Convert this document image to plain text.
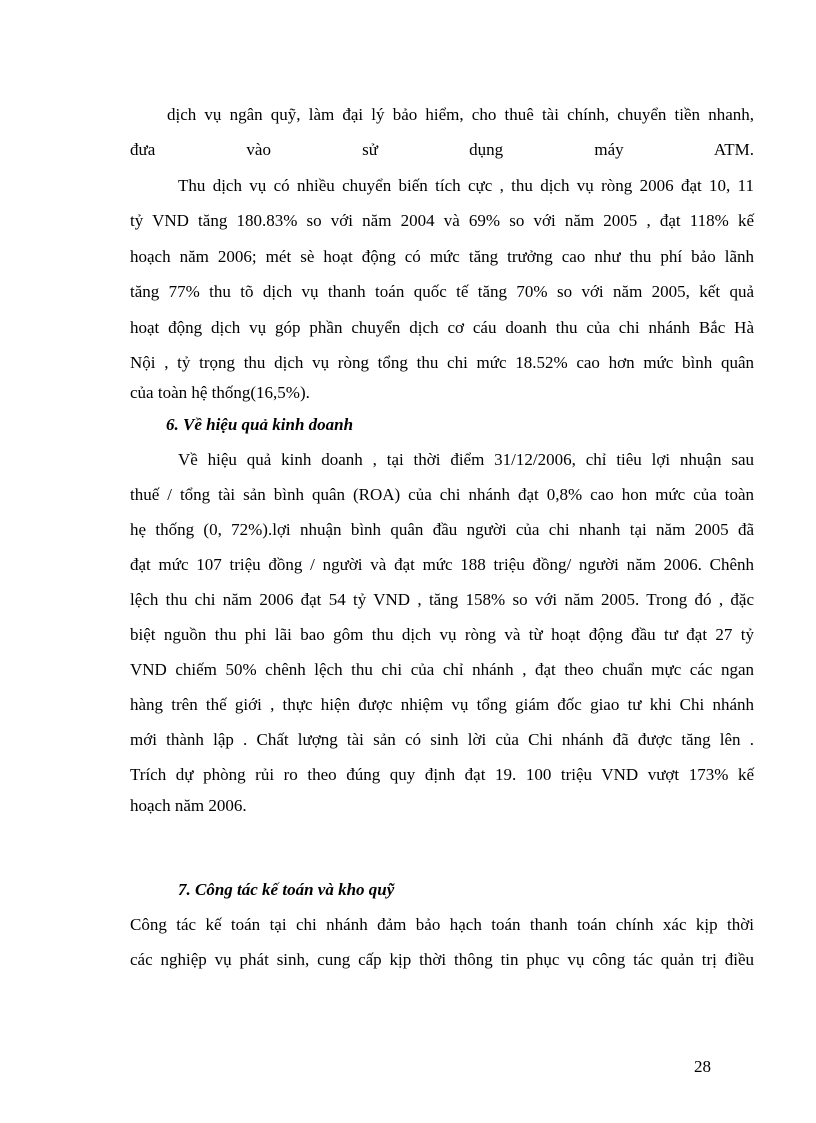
dịch vụ ngân quỹ, làm đại lý bảo hiểm, cho thuê tài chính, chuyển tiền nhanh,
đưa vào sử dụng máy ATM.
Thu dịch vụ có nhiều chuyển biến tích cực , thu dịch vụ ròng 2006 đạt 10, 11
tỷ VND tăng 180.83% so với năm 2004 và 69% so với năm 2005 , đạt 118% kế
hoạch năm 2006; mét sè hoạt động có mức tăng trưởng cao như thu phí bảo lãnh
tăng 77% thu tõ dịch vụ thanh toán quốc tế tăng 70% so với năm 2005, kết quả
hoạt động dịch vụ góp phần chuyển dịch cơ cáu doanh thu của chi nhánh Bắc Hà
Nội , tỷ trọng thu dịch vụ ròng tổng thu chi mức 18.52% cao hơn mức bình quân
của toàn hệ thống(16,5%).
6. Về hiệu quả kinh doanh
Về hiệu quả kinh doanh , tại thời điểm 31/12/2006, chỉ tiêu lợi nhuận sau
thuế / tổng tài sản bình quân (ROA) của chi nhánh đạt 0,8% cao hon mức của toàn
hẹ thống (0, 72%).lợi nhuận bình quân đầu người của chi nhanh tại năm 2005 đã
đạt mức 107 triệu đồng / người và đạt mức 188 triệu đồng/ người năm 2006. Chênh
lệch thu chi năm 2006 đạt 54 tỷ VND , tăng 158% so với năm 2005. Trong đó , đặc
biệt nguồn thu phi lãi bao gôm thu dịch vụ ròng và từ hoạt động đầu tư đạt 27 tỷ
VND chiếm 50% chênh lệch thu chi của chỉ nhánh , đạt theo chuẩn mực các ngan
hàng trên thế giới , thực hiện được nhiệm vụ tổng giám đốc giao tư khi Chi nhánh
mới thành lập . Chất lượng tài sản có sinh lời của Chi nhánh đã được tăng lên .
Trích dự phòng rủi ro theo đúng quy định đạt 19. 100 triệu VND vượt 173% kế
hoạch năm 2006.
7. Công tác kế toán và kho quỹ
Công tác kế toán tại chi nhánh đảm bảo hạch toán thanh toán chính xác kịp thời
các nghiệp vụ phát sinh, cung cấp kịp thời thông tin phục vụ công tác quản trị điều
28
